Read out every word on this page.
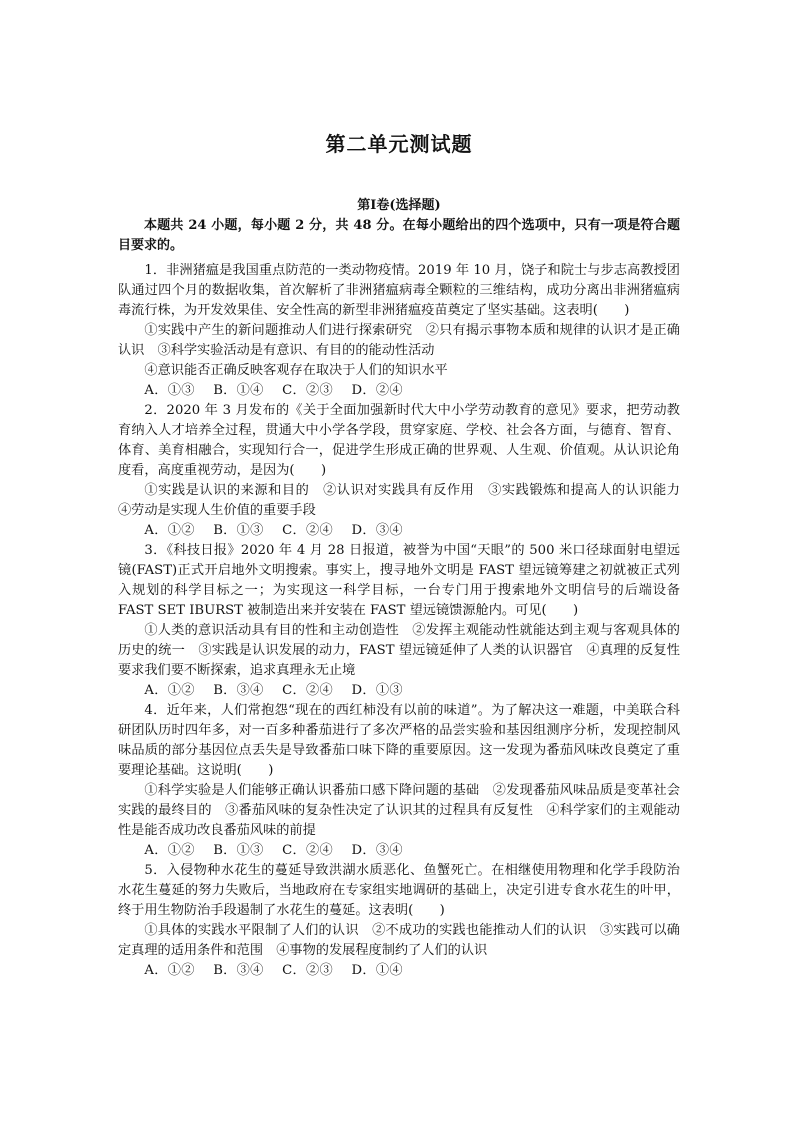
第二单元测试题
第Ⅰ卷(选择题)

本题共 24 小题，每小题 2 分，共 48 分。在每小题给出的四个选项中，只有一项是符合题目要求的。

1．非洲猪瘟是我国重点防范的一类动物疫情。2019 年 10 月，饶子和院士与步志高教授团队通过四个月的数据收集，首次解析了非洲猪瘟病毒全颗粒的三维结构，成功分离出非洲猪瘟病毒流行株，为开发效果佳、安全性高的新型非洲猪瘟疫苗奠定了坚实基础。这表明(　　)

①实践中产生的新问题推动人们进行探索研究　②只有揭示事物本质和规律的认识才是正确认识　③科学实验活动是有意识、有目的的能动性活动

④意识能否正确反映客观存在取决于人们的知识水平

A．①③ B．①④ C．②③ D．②④

2．2020 年 3 月发布的《关于全面加强新时代大中小学劳动教育的意见》要求，把劳动教育纳入人才培养全过程，贯通大中小学各学段，贯穿家庭、学校、社会各方面，与德育、智育、体育、美育相融合，实现知行合一，促进学生形成正确的世界观、人生观、价值观。从认识论角度看，高度重视劳动，是因为(　　)

①实践是认识的来源和目的　②认识对实践具有反作用　③实践锻炼和提高人的认识能力　④劳动是实现人生价值的重要手段

A．①② B．①③ C．②④ D．③④

3．《科技日报》2020 年 4 月 28 日报道，被誉为中国“天眼”的 500 米口径球面射电望远镜(FAST)正式开启地外文明搜索。事实上，搜寻地外文明是 FAST 望远镜筹建之初就被正式列入规划的科学目标之一；为实现这一科学目标，一台专门用于搜索地外文明信号的后端设备 FAST SET IBURST 被制造出来并安装在 FAST 望远镜馈源舱内。可见(　　)

①人类的意识活动具有目的性和主动创造性　②发挥主观能动性就能达到主观与客观具体的历史的统一　③实践是认识发展的动力，FAST 望远镜延伸了人类的认识器官　④真理的反复性要求我们要不断探索，追求真理永无止境

A．①② B．③④ C．②④ D．①③

4．近年来，人们常抱怨“现在的西红柿没有以前的味道”。为了解决这一难题，中美联合科研团队历时四年多，对一百多种番茄进行了多次严格的品尝实验和基因组测序分析，发现控制风味品质的部分基因位点丢失是导致番茄口味下降的重要原因。这一发现为番茄风味改良奠定了重要理论基础。这说明(　　)

①科学实验是人们能够正确认识番茄口感下降问题的基础　②发现番茄风味品质是变革社会实践的最终目的　③番茄风味的复杂性决定了认识其的过程具有反复性　④科学家们的主观能动性是能否成功改良番茄风味的前提

A．①② B．①③ C．②④ D．③④

5．入侵物种水花生的蔓延导致洪湖水质恶化、鱼蟹死亡。在相继使用物理和化学手段防治水花生蔓延的努力失败后，当地政府在专家组实地调研的基础上，决定引进专食水花生的叶甲，终于用生物防治手段遏制了水花生的蔓延。这表明(　　)

①具体的实践水平限制了人们的认识　②不成功的实践也能推动人们的认识　③实践可以确定真理的适用条件和范围　④事物的发展程度制约了人们的认识

A．①② B．③④ C．②③ D．①④
